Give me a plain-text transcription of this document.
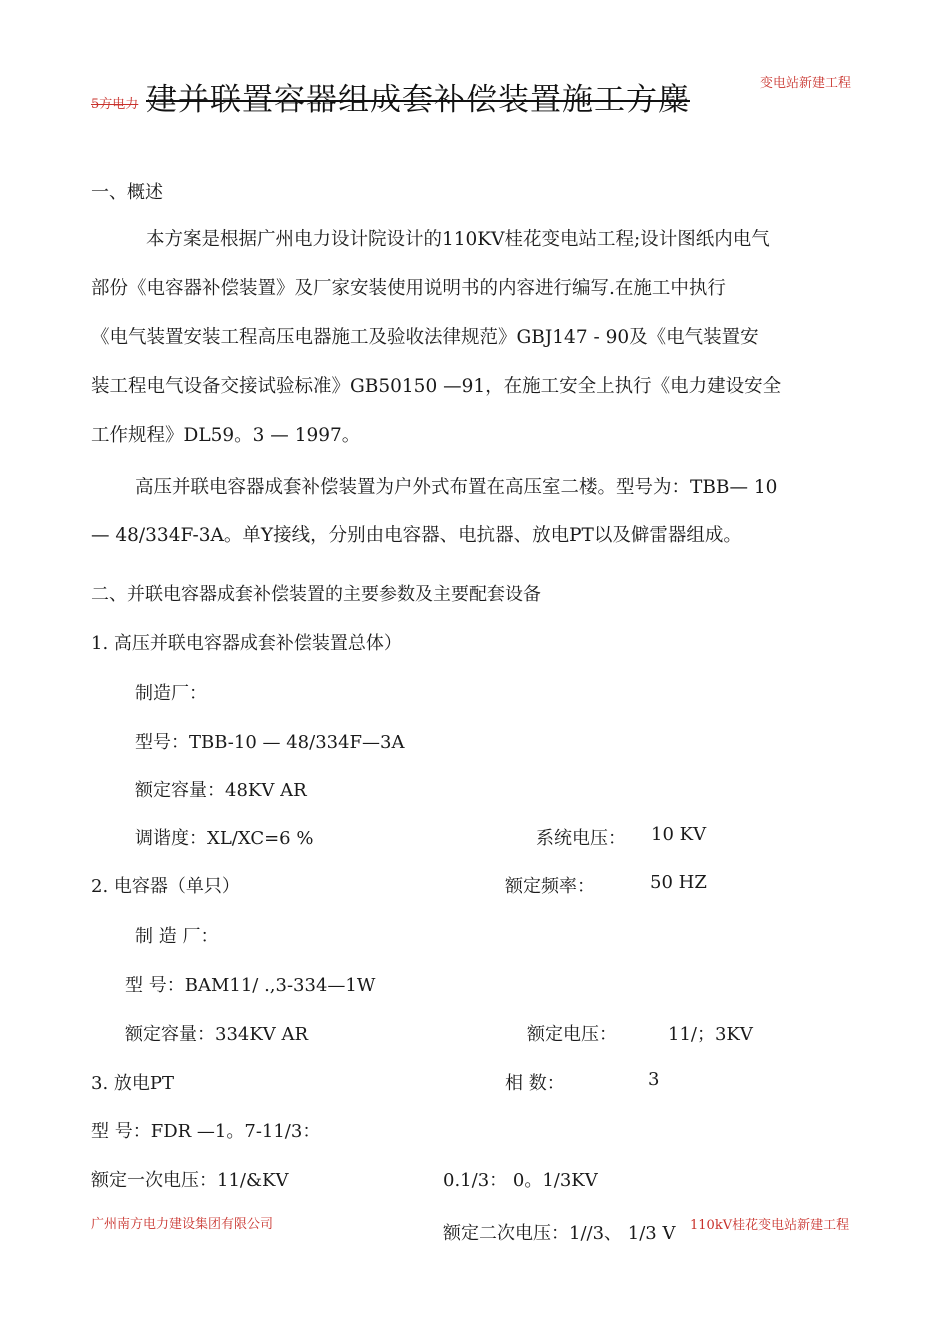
变电站新建工程
5方电力 建并联置容器组成套补偿装置施工方麋
一、概述
本方案是根据广州电力设计院设计的110KV桂花变电站工程;设计图纸内电气
部份《电容器补偿装置》及厂家安装使用说明书的内容进行编写.在施工中执行
《电气装置安装工程高压电器施工及验收法律规范》GBJ147 - 90及《电气装置安
装工程电气设备交接试验标准》GB50150 —91，在施工安全上执行《电力建设安全
工作规程》DL59。3 — 1997。
高压并联电容器成套补偿装置为户外式布置在高压室二楼。型号为：TBB— 10
— 48/334F-3A。单Y接线，分别由电容器、电抗器、放电PT以及僻雷器组成。
二、并联电容器成套补偿装置的主要参数及主要配套设备
1. 高压并联电容器成套补偿装置总体）
制造厂：
型号：TBB-10 — 48/334F—3A
额定容量：48KV AR
调谐度：XL/XC=6 %	系统电压： 10 KV
2. 电容器（单只）	额定频率：	50 HZ
制 造 厂：
型 号：BAM11/ .,3-334—1W
额定容量：334KV AR	额定电压：	11/；3KV
3. 放电PT	相 数：	3
型 号：FDR —1。7-11/3：
额定一次电压：11/&KV	0.1/3： 0。1/3KV
额定二次电压：1//3、 1/3 V
广州南方电力建设集团有限公司	110kV桂花变电站新建工程
